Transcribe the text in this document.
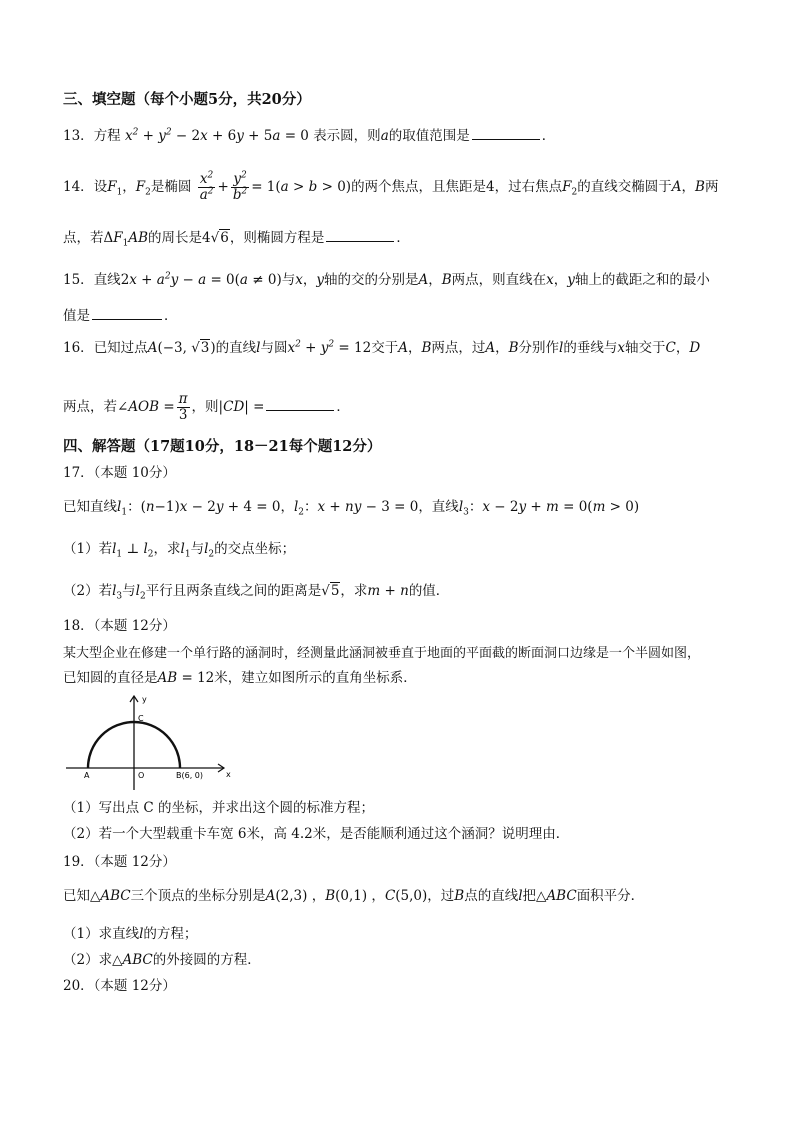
三、填空题（每个小题5分，共20分）
13．方程 $x^2 + y^2 - 2x + 6y + 5a = 0$ 表示圆，则a的取值范围是	．
14．设$F_1$，$F_2$是椭圆 $\frac{x^2}{a^2} + \frac{y^2}{b^2} = 1(a > b > 0)$的两个焦点，且焦距是4，过右焦点$F_2$的直线交椭圆于A，B两
点，若$\Delta F_1AB$的周长是4√6，则椭圆方程是	．
15．直线$2x + a^2y - a = 0(a \ne 0)$与x，y轴的交的分别是A，B两点，则直线在x，y轴上的截距之和的最小
值是	．
16．已知过点A(−3, √3)的直线l与圆$x^2 + y^2 = 12$交于A，B两点，过A，B分别作l的垂线与x轴交于C，D
两点，若∠AOB = $\frac{\pi}{3}$ ，则|CD| =	．
四、解答题（17题10分，18－21每个题12分）
17．（本题 10分）
已知直线$l_1$：(n−1)x − 2y + 4 = 0，$l_2$：x + ny − 3 = 0，直线$l_3$：x − 2y + m = 0(m > 0)
（1）若$l_1$ ⊥ $l_2$，求$l_1$与$l_2$的交点坐标；
（2）若$l_3$与$l_2$平行且两条直线之间的距离是√5，求m + n的值．
18．（本题 12分）
某大型企业在修建一个单行路的涵洞时，经测量此涵洞被垂直于地面的平面截的断面洞口边缘是一个半圆如图，
已知圆的直径是AB = 12米，建立如图所示的直角坐标系．
y
C
A	O	B(6, 0)	x
（1）写出点 C 的坐标，并求出这个圆的标准方程；
（2）若一个大型载重卡车宽 6米，高 4.2米，是否能顺利通过这个涵洞？说明理由．
19．（本题 12分）
已知△ABC三个顶点的坐标分别是A(2,3) ，B(0,1) ，C(5,0)，过B点的直线l把△ABC面积平分．
（1）求直线l的方程；
（2）求△ABC的外接圆的方程．
20．（本题 12分）
